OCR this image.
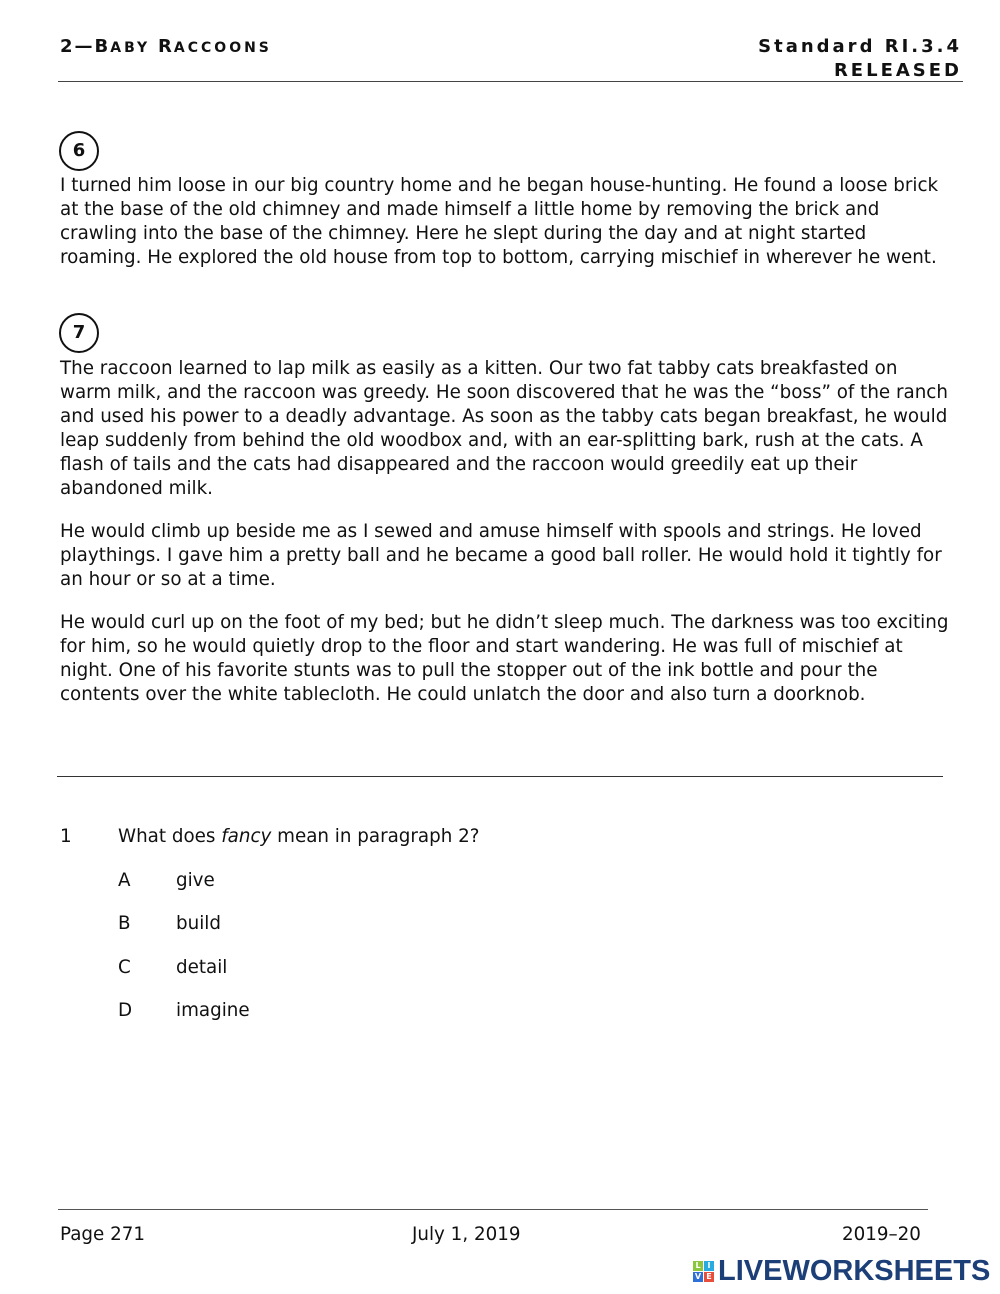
2—BABY RACCOONS	Standard RI.3.4
RELEASED
6

I turned him loose in our big country home and he began house-hunting. He found a loose brick at the base of the old chimney and made himself a little home by removing the brick and crawling into the base of the chimney. Here he slept during the day and at night started roaming. He explored the old house from top to bottom, carrying mischief in wherever he went.

7

The raccoon learned to lap milk as easily as a kitten. Our two fat tabby cats breakfasted on warm milk, and the raccoon was greedy. He soon discovered that he was the “boss” of the ranch and used his power to a deadly advantage. As soon as the tabby cats began breakfast, he would leap suddenly from behind the old woodbox and, with an ear-splitting bark, rush at the cats. A flash of tails and the cats had disappeared and the raccoon would greedily eat up their abandoned milk.

He would climb up beside me as I sewed and amuse himself with spools and strings. He loved playthings. I gave him a pretty ball and he became a good ball roller. He would hold it tightly for an hour or so at a time.

He would curl up on the foot of my bed; but he didn’t sleep much. The darkness was too exciting for him, so he would quietly drop to the floor and start wandering. He was full of mischief at night. One of his favorite stunts was to pull the stopper out of the ink bottle and pour the contents over the white tablecloth. He could unlatch the door and also turn a doorknob.

1	What does fancy mean in paragraph 2?
A give
B build
C detail
D imagine
Page 271	July 1, 2019	2019–20
L I
V E LIVEWORKSHEETS
